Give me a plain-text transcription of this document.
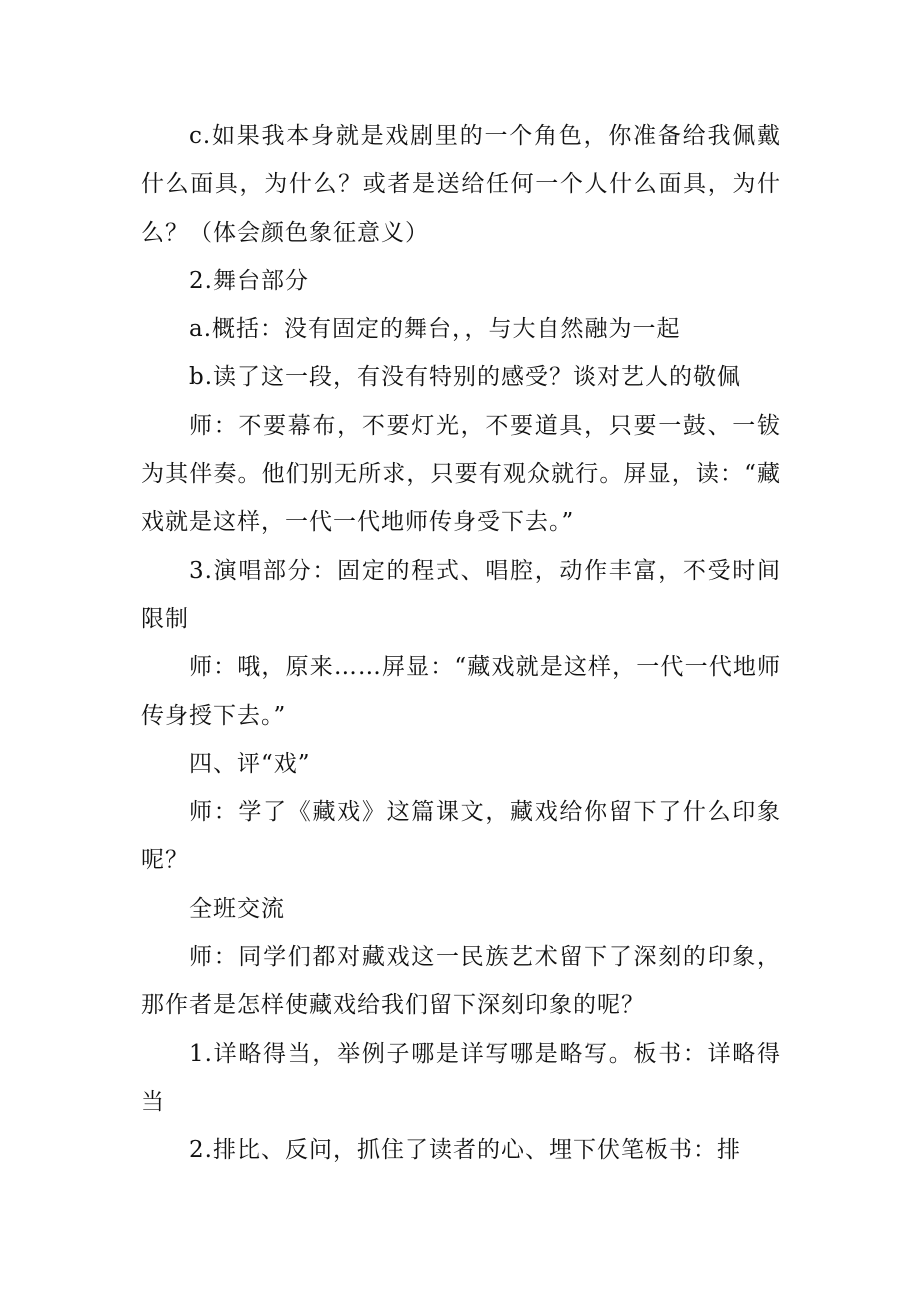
c.如果我本身就是戏剧里的一个角色，你准备给我佩戴什么面具，为什么？或者是送给任何一个人什么面具，为什么？（体会颜色象征意义）

2.舞台部分

a.概括：没有固定的舞台，，与大自然融为一起

b.读了这一段，有没有特别的感受？谈对艺人的敬佩

师：不要幕布，不要灯光，不要道具，只要一鼓、一钹为其伴奏。他们别无所求，只要有观众就行。屏显，读：“藏戏就是这样，一代一代地师传身受下去。”

3.演唱部分：固定的程式、唱腔，动作丰富，不受时间限制

师：哦，原来……屏显：“藏戏就是这样，一代一代地师传身授下去。”

四、评“戏”

师：学了《藏戏》这篇课文，藏戏给你留下了什么印象呢？

全班交流

师：同学们都对藏戏这一民族艺术留下了深刻的印象，那作者是怎样使藏戏给我们留下深刻印象的呢？

1.详略得当，举例子哪是详写哪是略写。板书：详略得当

2.排比、反问，抓住了读者的心、埋下伏笔板书：排
